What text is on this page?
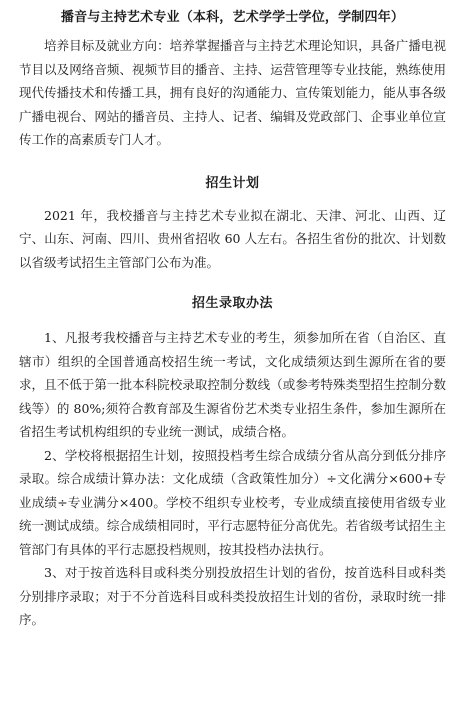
播音与主持艺术专业（本科，艺术学学士学位，学制四年）

培养目标及就业方向：培养掌握播音与主持艺术理论知识，具备广播电视节目以及网络音频、视频节目的播音、主持、运营管理等专业技能，熟练使用现代传播技术和传播工具，拥有良好的沟通能力、宣传策划能力，能从事各级广播电视台、网站的播音员、主持人、记者、编辑及党政部门、企事业单位宣传工作的高素质专门人才。

招生计划

2021 年，我校播音与主持艺术专业拟在湖北、天津、河北、山西、辽宁、山东、河南、四川、贵州省招收 60 人左右。各招生省份的批次、计划数以省级考试招生主管部门公布为准。

招生录取办法

1、凡报考我校播音与主持艺术专业的考生，须参加所在省（自治区、直辖市）组织的全国普通高校招生统一考试，文化成绩须达到生源所在省的要求，且不低于第一批本科院校录取控制分数线（或参考特殊类型招生控制分数线等）的 80%;须符合教育部及生源省份艺术类专业招生条件，参加生源所在省招生考试机构组织的专业统一测试，成绩合格。

2、学校将根据招生计划，按照投档考生综合成绩分省从高分到低分排序录取。综合成绩计算办法：文化成绩（含政策性加分）÷文化满分×600+专业成绩÷专业满分×400。学校不组织专业校考，专业成绩直接使用省级专业统一测试成绩。综合成绩相同时，平行志愿特征分高优先。若省级考试招生主管部门有具体的平行志愿投档规则，按其投档办法执行。

3、对于按首选科目或科类分别投放招生计划的省份，按首选科目或科类分别排序录取；对于不分首选科目或科类投放招生计划的省份，录取时统一排序。
